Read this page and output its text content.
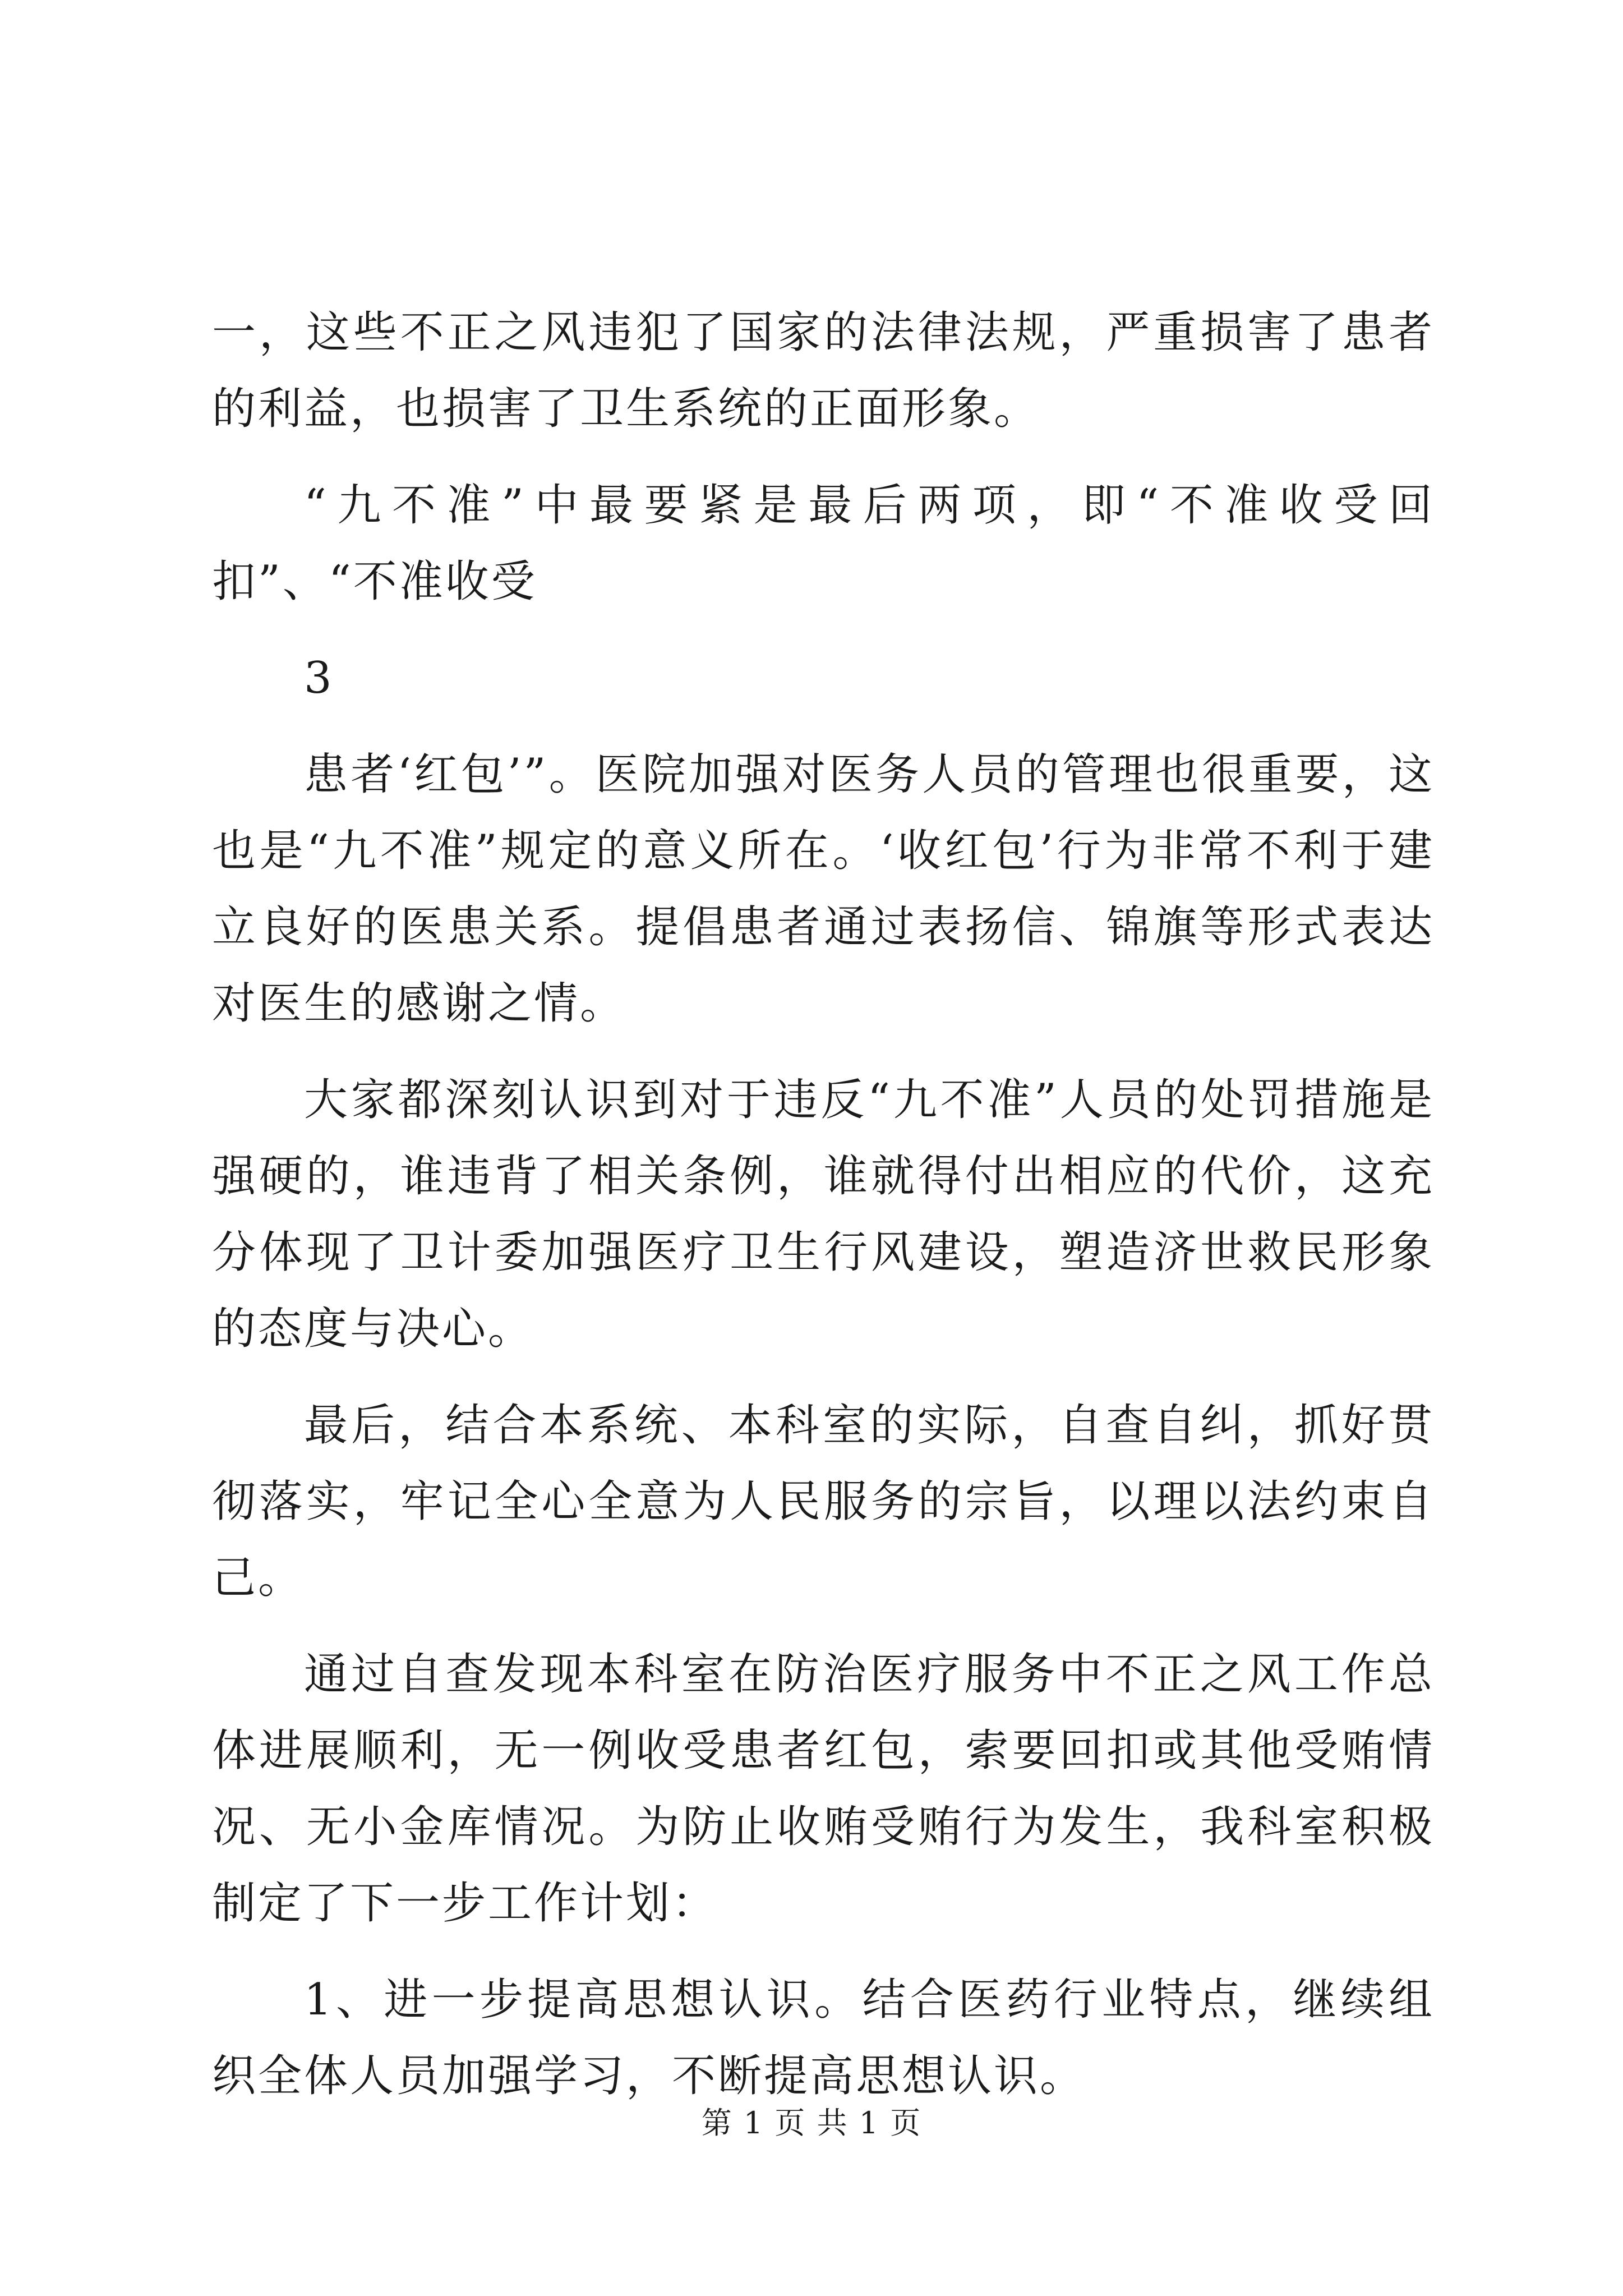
一，这些不正之风违犯了国家的法律法规，严重损害了患者的利益，也损害了卫生系统的正面形象。

“九不准”中最要紧是最后两项，即“不准收受回扣”、“不准收受

3

患者‘红包’”。医院加强对医务人员的管理也很重要，这也是“九不准”规定的意义所在。‘收红包’行为非常不利于建立良好的医患关系。提倡患者通过表扬信、锦旗等形式表达对医生的感谢之情。

大家都深刻认识到对于违反“九不准”人员的处罚措施是强硬的，谁违背了相关条例，谁就得付出相应的代价，这充分体现了卫计委加强医疗卫生行风建设，塑造济世救民形象的态度与决心。

最后，结合本系统、本科室的实际，自查自纠，抓好贯彻落实，牢记全心全意为人民服务的宗旨，以理以法约束自己。

通过自查发现本科室在防治医疗服务中不正之风工作总体进展顺利，无一例收受患者红包，索要回扣或其他受贿情况、无小金库情况。为防止收贿受贿行为发生，我科室积极制定了下一步工作计划：

1、进一步提高思想认识。结合医药行业特点，继续组织全体人员加强学习，不断提高思想认识。

第 1 页 共 1 页
